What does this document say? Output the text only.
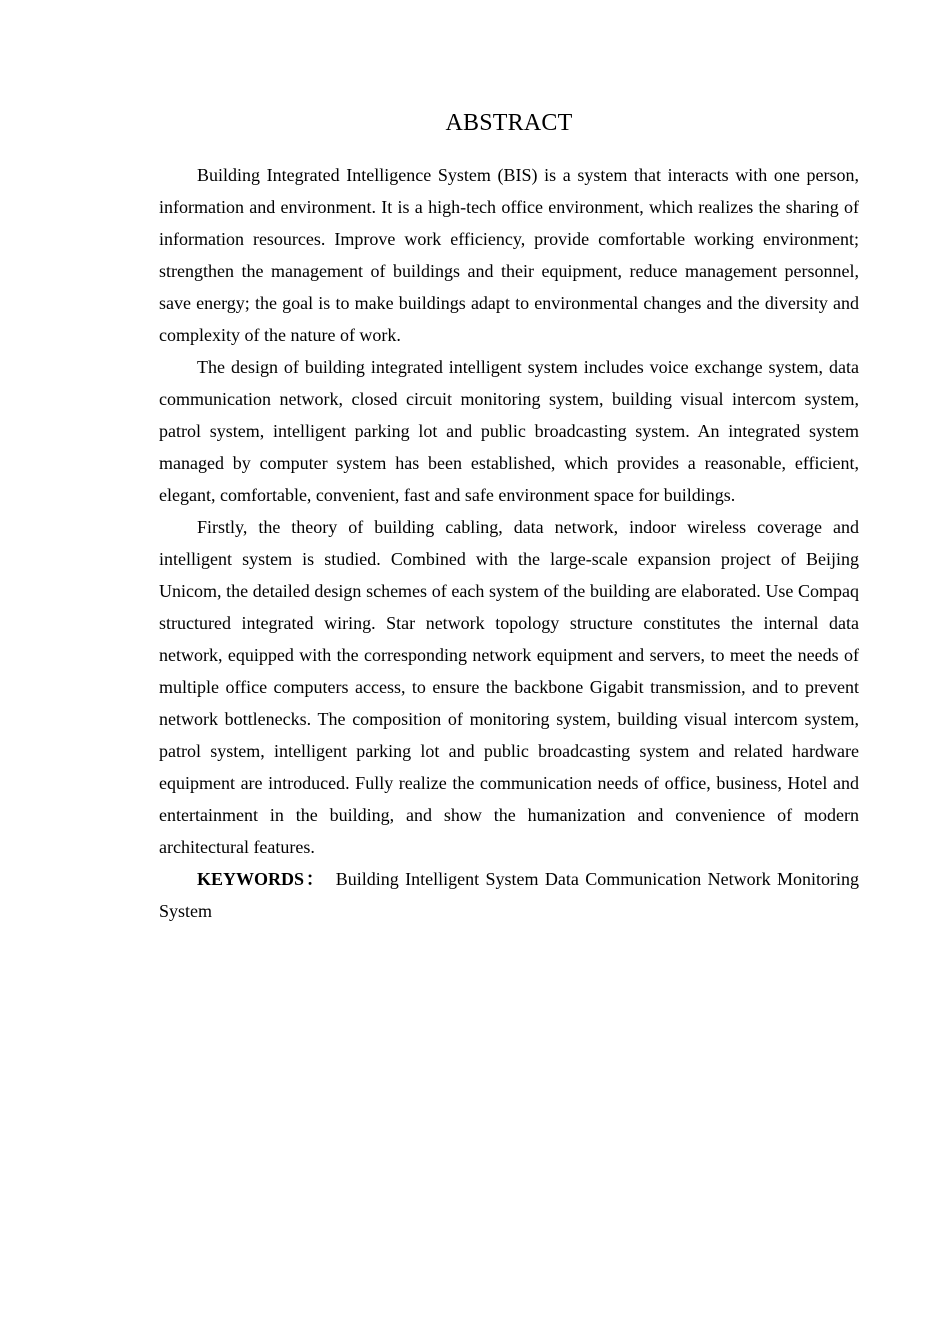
ABSTRACT

Building Integrated Intelligence System (BIS) is a system that interacts with one person, information and environment. It is a high-tech office environment, which realizes the sharing of information resources. Improve work efficiency, provide comfortable working environment; strengthen the management of buildings and their equipment, reduce management personnel, save energy; the goal is to make buildings adapt to environmental changes and the diversity and complexity of the nature of work.

The design of building integrated intelligent system includes voice exchange system, data communication network, closed circuit monitoring system, building visual intercom system, patrol system, intelligent parking lot and public broadcasting system. An integrated system managed by computer system has been established, which provides a reasonable, efficient, elegant, comfortable, convenient, fast and safe environment space for buildings.

Firstly, the theory of building cabling, data network, indoor wireless coverage and intelligent system is studied. Combined with the large-scale expansion project of Beijing Unicom, the detailed design schemes of each system of the building are elaborated. Use Compaq structured integrated wiring. Star network topology structure constitutes the internal data network, equipped with the corresponding network equipment and servers, to meet the needs of multiple office computers access, to ensure the backbone Gigabit transmission, and to prevent network bottlenecks. The composition of monitoring system, building visual intercom system, patrol system, intelligent parking lot and public broadcasting system and related hardware equipment are introduced. Fully realize the communication needs of office, business, Hotel and entertainment in the building, and show the humanization and convenience of modern architectural features.

KEYWORDS： Building Intelligent System Data Communication Network Monitoring System
